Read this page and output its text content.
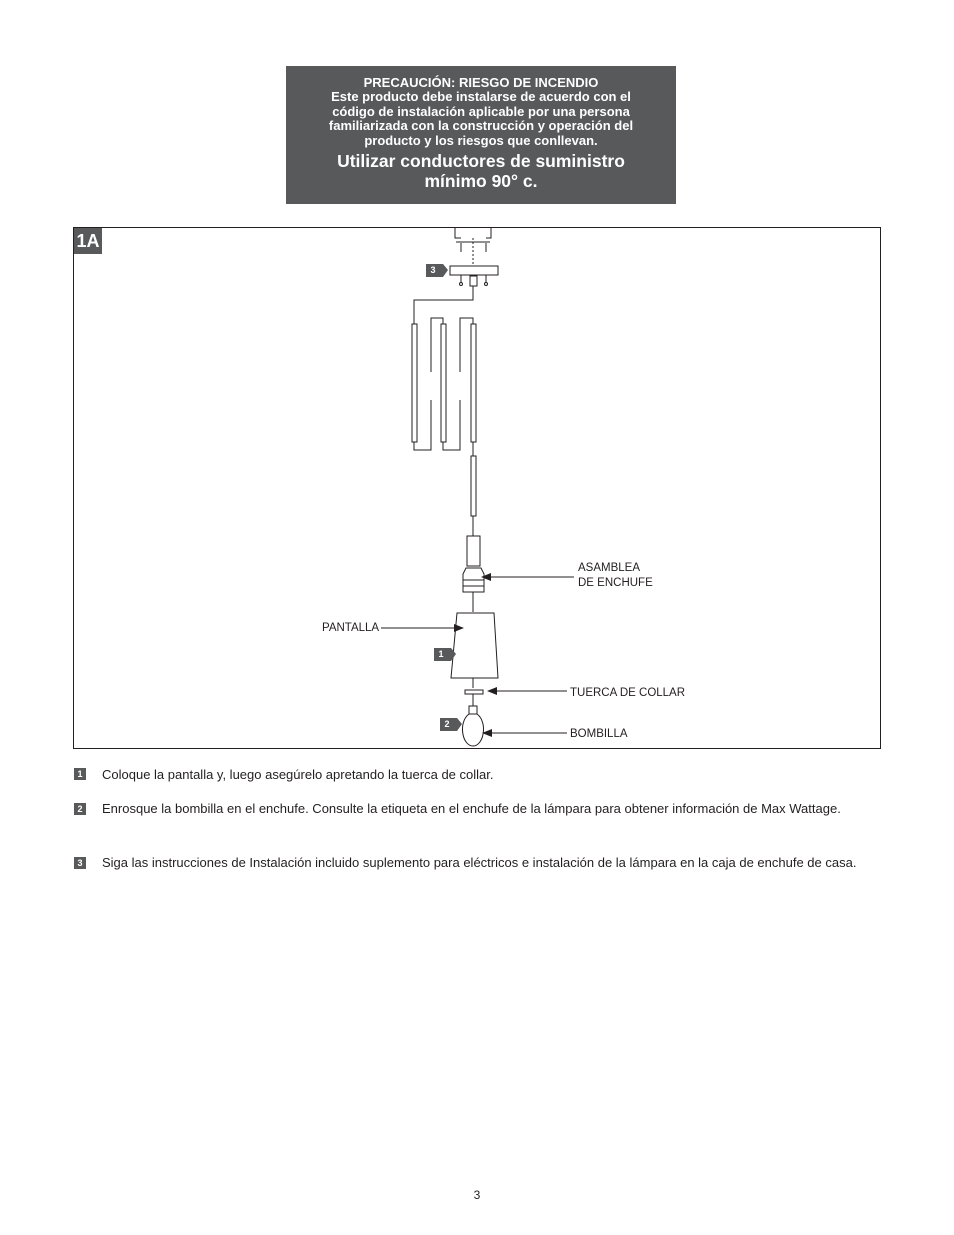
PRECAUCIÓN: RIESGO DE INCENDIO
Este producto debe instalarse de acuerdo con el
código de instalación aplicable por una persona
familiarizada con la construcción y operación del
producto y los riesgos que conllevan.
Utilizar conductores de suministro
mínimo 90° c.
1A
3
1
2
ASAMBLEA
DE ENCHUFE
PANTALLA
TUERCA DE COLLAR
BOMBILLA
1 Coloque la pantalla y, luego asegúrelo apretando la tuerca de collar.
2 Enrosque la bombilla en el enchufe. Consulte la etiqueta en el enchufe de la lámpara para obtener información de Max Wattage.
3 Siga las instrucciones de Instalación incluido suplemento para eléctricos e instalación de la lámpara en la caja de enchufe de casa.
3
